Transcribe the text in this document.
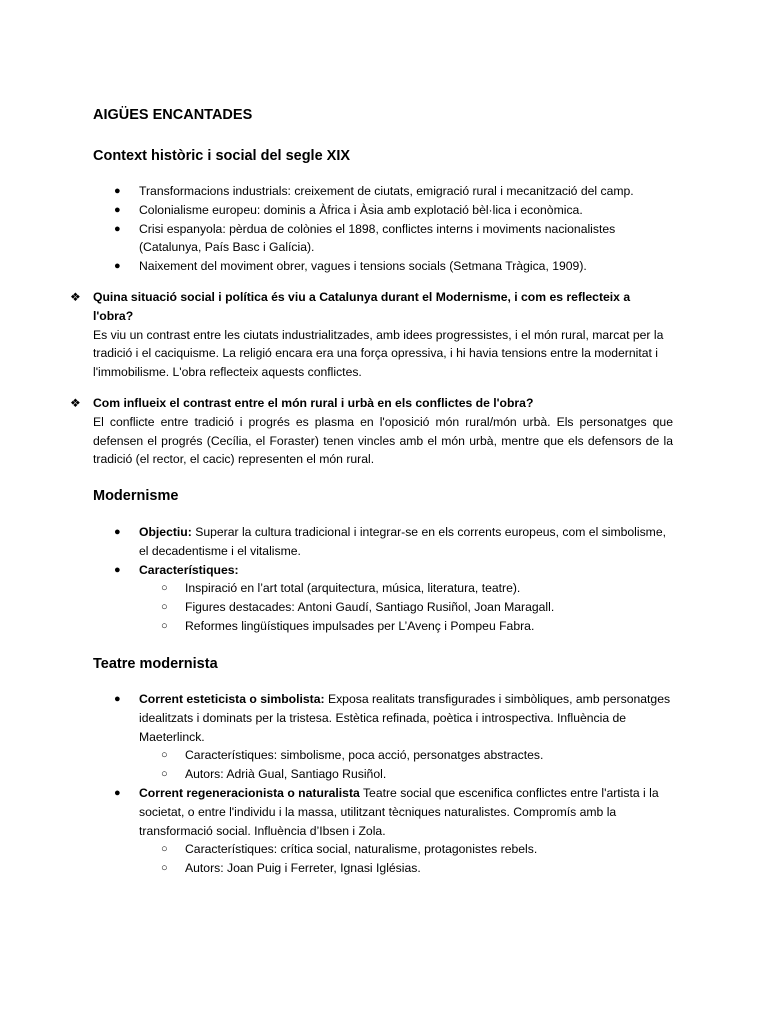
AIGÜES ENCANTADES
Context històric i social del segle XIX
● Transformacions industrials: creixement de ciutats, emigració rural i mecanització del camp.
● Colonialisme europeu: dominis a Àfrica i Àsia amb explotació bèl·lica i econòmica.
● Crisi espanyola: pèrdua de colònies el 1898, conflictes interns i moviments nacionalistes (Catalunya, País Basc i Galícia).
● Naixement del moviment obrer, vagues i tensions socials (Setmana Tràgica, 1909).
❖ Quina situació social i política és viu a Catalunya durant el Modernisme, i com es reflecteix a l'obra?
Es viu un contrast entre les ciutats industrialitzades, amb idees progressistes, i el món rural, marcat per la tradició i el caciquisme. La religió encara era una força opressiva, i hi havia tensions entre la modernitat i l'immobilisme. L'obra reflecteix aquests conflictes.
❖ Com influeix el contrast entre el món rural i urbà en els conflictes de l'obra?
El conflicte entre tradició i progrés es plasma en l'oposició món rural/món urbà. Els personatges que defensen el progrés (Cecília, el Foraster) tenen vincles amb el món urbà, mentre que els defensors de la tradició (el rector, el cacic) representen el món rural.
Modernisme
● Objectiu: Superar la cultura tradicional i integrar-se en els corrents europeus, com el simbolisme, el decadentisme i el vitalisme.
● Característiques:
○ Inspiració en l’art total (arquitectura, música, literatura, teatre).
○ Figures destacades: Antoni Gaudí, Santiago Rusiñol, Joan Maragall.
○ Reformes lingüístiques impulsades per L’Avenç i Pompeu Fabra.
Teatre modernista
● Corrent esteticista o simbolista: Exposa realitats transfigurades i simbòliques, amb personatges idealitzats i dominats per la tristesa. Estètica refinada, poètica i introspectiva. Influència de Maeterlinck.
○ Característiques: simbolisme, poca acció, personatges abstractes.
○ Autors: Adrià Gual, Santiago Rusiñol.
● Corrent regeneracionista o naturalista Teatre social que escenifica conflictes entre l'artista i la societat, o entre l'individu i la massa, utilitzant tècniques naturalistes. Compromís amb la transformació social. Influència d’Ibsen i Zola.
○ Característiques: crítica social, naturalisme, protagonistes rebels.
○ Autors: Joan Puig i Ferreter, Ignasi Iglésias.
